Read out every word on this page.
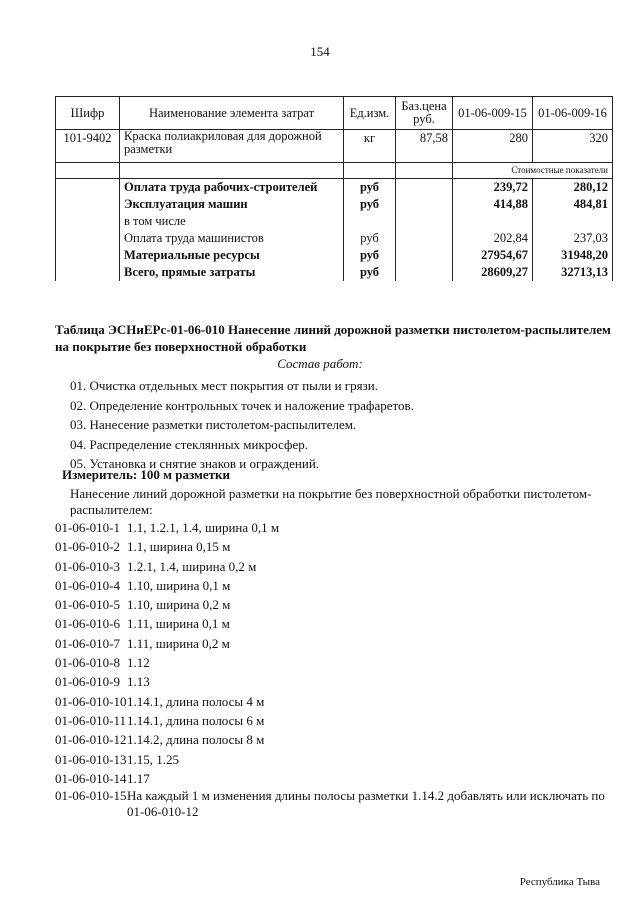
154
Шифр	Наименование элемента затрат	Ед.изм.	Баз.цена руб.	01-06-009-15	01-06-009-16
101-9402	Краска полиакриловая для дорожной разметки	кг	87,58	280	320
				Стоимостные показатели	
	Оплата труда рабочих-строителей	руб		239,72	280,12
	Эксплуатация машин	руб		414,88	484,81
	в том числе				
	Оплата труда машинистов	руб		202,84	237,03
	Материальные ресурсы	руб		27954,67	31948,20
	Всего, прямые затраты	руб		28609,27	32713,13
Таблица ЭСНиЕРс-01-06-010 Нанесение линий дорожной разметки пистолетом-распылителем на покрытие без поверхностной обработки
Состав работ:
01. Очистка отдельных мест покрытия от пыли и грязи.
02. Определение контрольных точек и наложение трафаретов.
03. Нанесение разметки пистолетом-распылителем.
04. Распределение стеклянных микросфер.
05. Установка и снятие знаков и ограждений.
Измеритель: 100 м разметки
Нанесение линий дорожной разметки на покрытие без поверхностной обработки пистолетом-распылителем:
01-06-010-1 1.1, 1.2.1, 1.4, ширина 0,1 м
01-06-010-2 1.1, ширина 0,15 м
01-06-010-3 1.2.1, 1.4, ширина 0,2 м
01-06-010-4 1.10, ширина 0,1 м
01-06-010-5 1.10, ширина 0,2 м
01-06-010-6 1.11, ширина 0,1 м
01-06-010-7 1.11, ширина 0,2 м
01-06-010-8 1.12
01-06-010-9 1.13
01-06-010-10 1.14.1, длина полосы 4 м
01-06-010-11 1.14.1, длина полосы 6 м
01-06-010-12 1.14.2, длина полосы 8 м
01-06-010-13 1.15, 1.25
01-06-010-14 1.17
01-06-010-15 На каждый 1 м изменения длины полосы разметки 1.14.2 добавлять или исключать по 01-06-010-12
Республика Тыва
